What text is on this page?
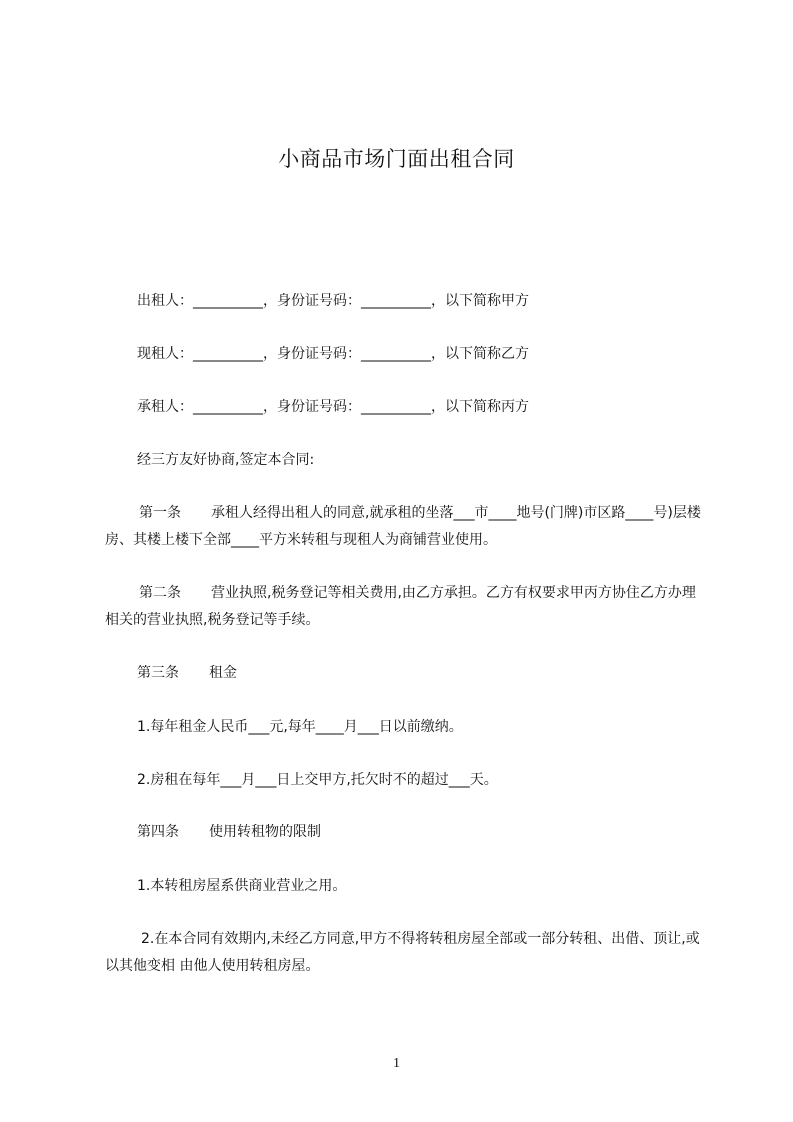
小商品市场门面出租合同
出租人：__________，身份证号码：__________，以下简称甲方
现租人：__________，身份证号码：__________，以下简称乙方
承租人：__________，身份证号码：__________，以下简称丙方
经三方友好协商,签定本合同:
第一条 承租人经得出租人的同意,就承租的坐落___市____地号(门牌)市区路____号)层楼房、其楼上楼下全部____平方米转租与现租人为商铺营业使用。
第二条 营业执照,税务登记等相关费用,由乙方承担。乙方有权要求甲丙方协住乙方办理相关的营业执照,税务登记等手续。
第三条 租金
1.每年租金人民币___元,每年____月___日以前缴纳。
2.房租在每年___月___日上交甲方,托欠时不的超过___天。
第四条 使用转租物的限制
1.本转租房屋系供商业营业之用。
2.在本合同有效期内,未经乙方同意,甲方不得将转租房屋全部或一部分转租、出借、顶让,或以其他变相 由他人使用转租房屋。
1
